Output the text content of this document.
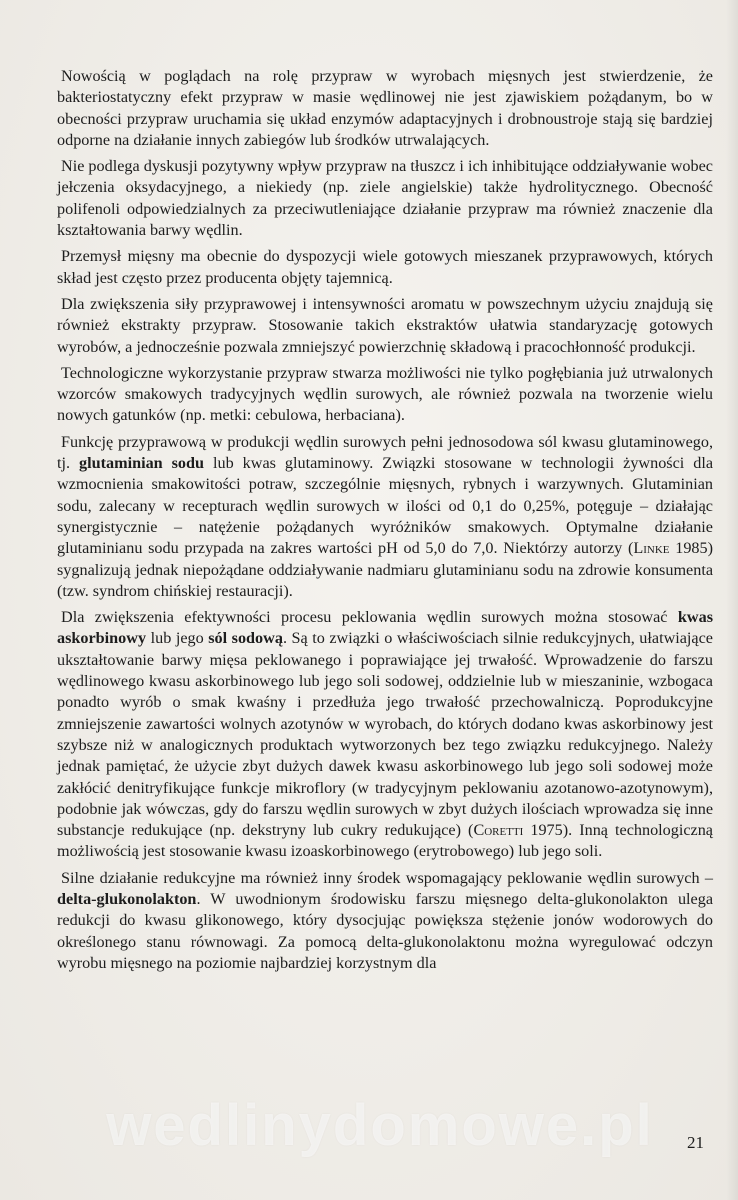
Nowością w poglądach na rolę przypraw w wyrobach mięsnych jest stwierdzenie, że bakteriostatyczny efekt przypraw w masie wędlinowej nie jest zjawiskiem pożądanym, bo w obecności przypraw uruchamia się układ enzymów adaptacyjnych i drobnoustroje stają się bardziej odporne na działanie innych zabiegów lub środków utrwalających.

Nie podlega dyskusji pozytywny wpływ przypraw na tłuszcz i ich inhibitujące oddziaływanie wobec jełczenia oksydacyjnego, a niekiedy (np. ziele angielskie) także hydrolitycznego. Obecność polifenoli odpowiedzialnych za przeciwutleniające działanie przypraw ma również znaczenie dla kształtowania barwy wędlin.

Przemysł mięsny ma obecnie do dyspozycji wiele gotowych mieszanek przyprawowych, których skład jest często przez producenta objęty tajemnicą.

Dla zwiększenia siły przyprawowej i intensywności aromatu w powszechnym użyciu znajdują się również ekstrakty przypraw. Stosowanie takich ekstraktów ułatwia standaryzację gotowych wyrobów, a jednocześnie pozwala zmniejszyć powierzchnię składową i pracochłonność produkcji.

Technologiczne wykorzystanie przypraw stwarza możliwości nie tylko pogłębiania już utrwalonych wzorców smakowych tradycyjnych wędlin surowych, ale również pozwala na tworzenie wielu nowych gatunków (np. metki: cebulowa, herbaciana).

Funkcję przyprawową w produkcji wędlin surowych pełni jednosodowa sól kwasu glutaminowego, tj. glutaminian sodu lub kwas glutaminowy. Związki stosowane w technologii żywności dla wzmocnienia smakowitości potraw, szczególnie mięsnych, rybnych i warzywnych. Glutaminian sodu, zalecany w recepturach wędlin surowych w ilości od 0,1 do 0,25%, potęguje – działając synergistycznie – natężenie pożądanych wyróżników smakowych. Optymalne działanie glutaminianu sodu przypada na zakres wartości pH od 5,0 do 7,0. Niektórzy autorzy (Linke 1985) sygnalizują jednak niepożądane oddziaływanie nadmiaru glutaminianu sodu na zdrowie konsumenta (tzw. syndrom chińskiej restauracji).

Dla zwiększenia efektywności procesu peklowania wędlin surowych można stosować kwas askorbinowy lub jego sól sodową. Są to związki o właściwościach silnie redukcyjnych, ułatwiające ukształtowanie barwy mięsa peklowanego i poprawiające jej trwałość. Wprowadzenie do farszu wędlinowego kwasu askorbinowego lub jego soli sodowej, oddzielnie lub w mieszaninie, wzbogaca ponadto wyrób o smak kwaśny i przedłuża jego trwałość przechowalniczą. Poprodukcyjne zmniejszenie zawartości wolnych azotynów w wyrobach, do których dodano kwas askorbinowy jest szybsze niż w analogicznych produktach wytworzonych bez tego związku redukcyjnego. Należy jednak pamiętać, że użycie zbyt dużych dawek kwasu askorbinowego lub jego soli sodowej może zakłócić denitryfikujące funkcje mikroflory (w tradycyjnym peklowaniu azotanowo-azotynowym), podobnie jak wówczas, gdy do farszu wędlin surowych w zbyt dużych ilościach wprowadza się inne substancje redukujące (np. dekstryny lub cukry redukujące) (Coretti 1975). Inną technologiczną możliwością jest stosowanie kwasu izoaskorbinowego (erytrobowego) lub jego soli.

Silne działanie redukcyjne ma również inny środek wspomagający peklowanie wędlin surowych – delta-glukonolakton. W uwodnionym środowisku farszu mięsnego delta-glukonolakton ulega redukcji do kwasu glikonowego, który dysocjując powiększa stężenie jonów wodorowych do określonego stanu równowagi. Za pomocą delta-glukonolaktonu można wyregulować odczyn wyrobu mięsnego na poziomie najbardziej korzystnym dla

wedlinydomowe.pl	21
